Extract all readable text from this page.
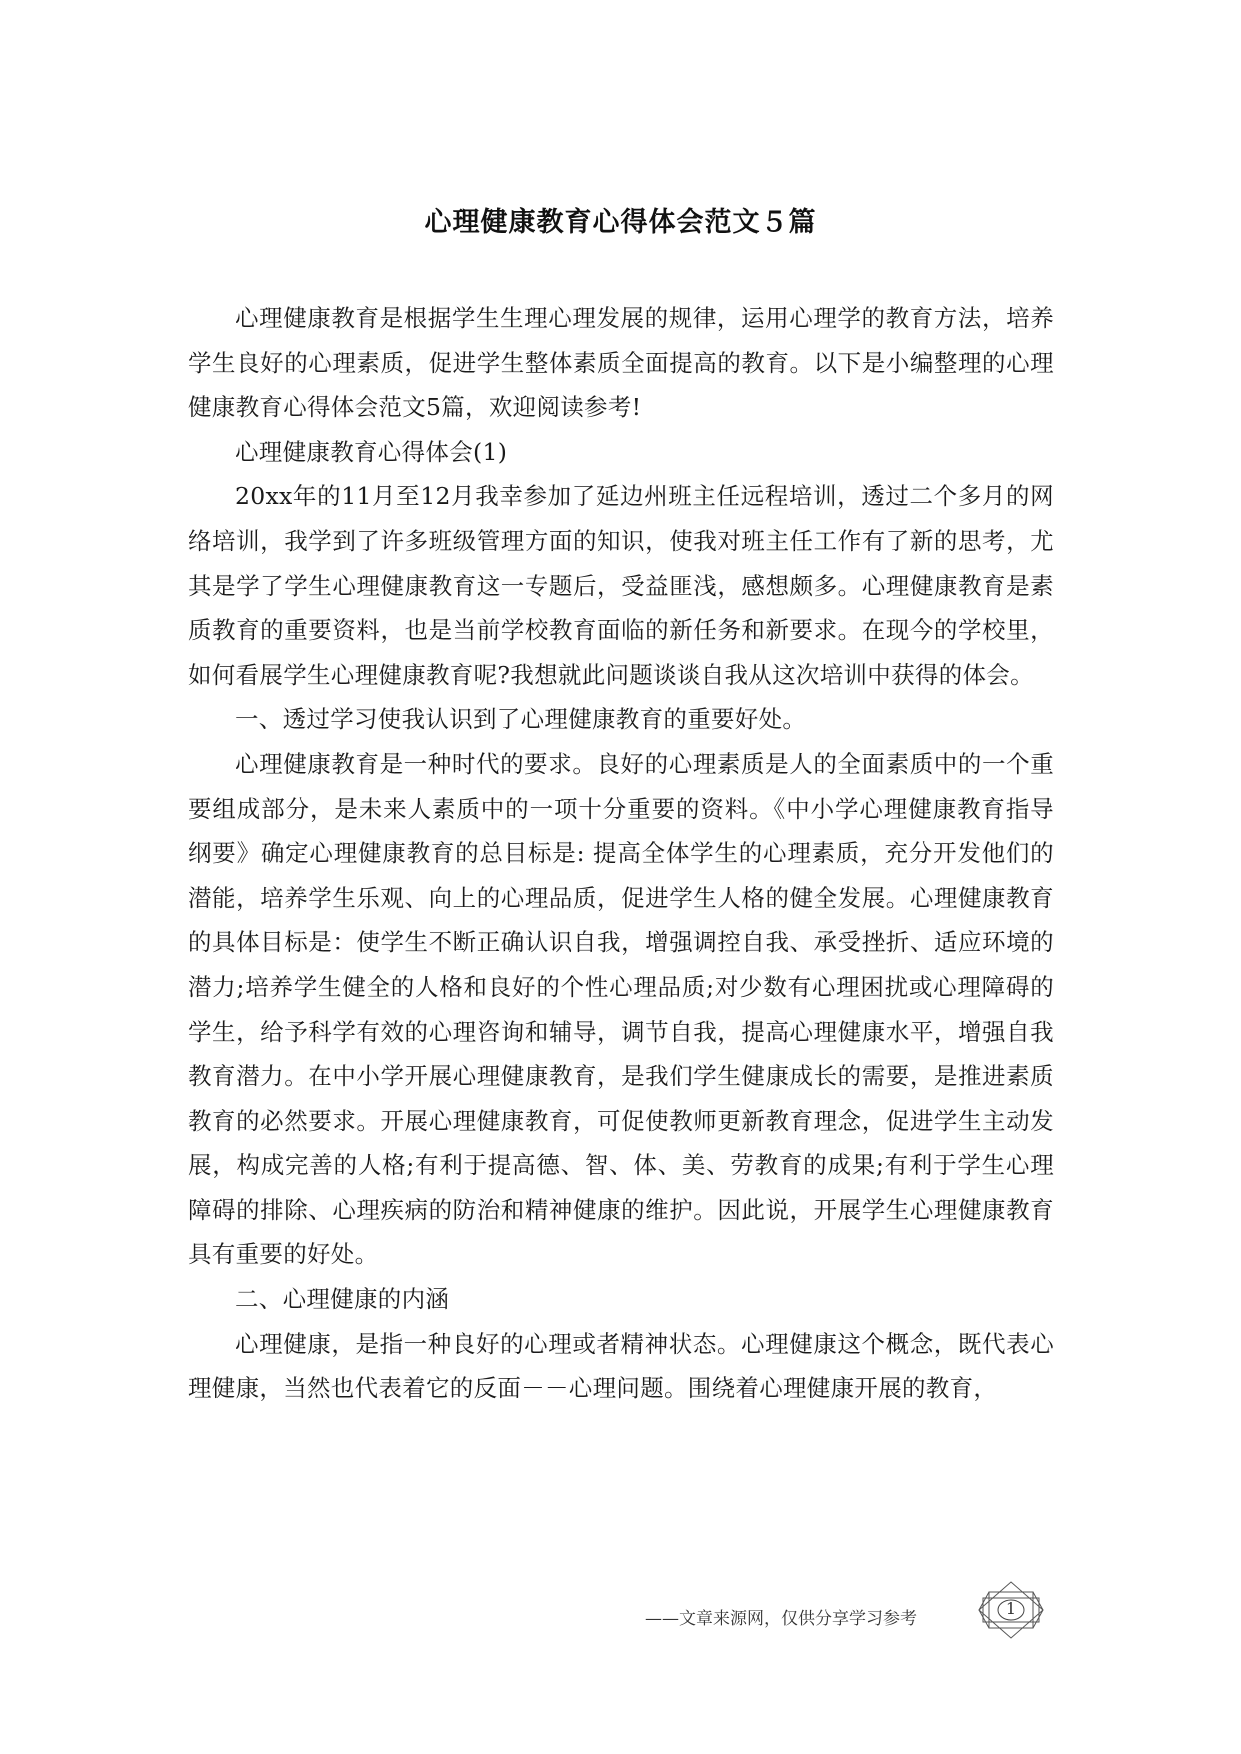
心理健康教育心得体会范文５篇

心理健康教育是根据学生生理心理发展的规律，运用心理学的教育方法，培养学生良好的心理素质，促进学生整体素质全面提高的教育。以下是小编整理的心理健康教育心得体会范文5篇，欢迎阅读参考!

心理健康教育心得体会(1)

20xx年的11月至12月我幸参加了延边州班主任远程培训，透过二个多月的网络培训，我学到了许多班级管理方面的知识，使我对班主任工作有了新的思考，尤其是学了学生心理健康教育这一专题后，受益匪浅，感想颇多。心理健康教育是素质教育的重要资料，也是当前学校教育面临的新任务和新要求。在现今的学校里，如何看展学生心理健康教育呢?我想就此问题谈谈自我从这次培训中获得的体会。

一、透过学习使我认识到了心理健康教育的重要好处。

心理健康教育是一种时代的要求。良好的心理素质是人的全面素质中的一个重要组成部分，是未来人素质中的一项十分重要的资料。《中小学心理健康教育指导纲要》确定心理健康教育的总目标是: 提高全体学生的心理素质，充分开发他们的潜能，培养学生乐观、向上的心理品质，促进学生人格的健全发展。心理健康教育的具体目标是：使学生不断正确认识自我，增强调控自我、承受挫折、适应环境的潜力;培养学生健全的人格和良好的个性心理品质;对少数有心理困扰或心理障碍的学生，给予科学有效的心理咨询和辅导，调节自我，提高心理健康水平，增强自我教育潜力。在中小学开展心理健康教育，是我们学生健康成长的需要，是推进素质教育的必然要求。开展心理健康教育，可促使教师更新教育理念，促进学生主动发展，构成完善的人格;有利于提高德、智、体、美、劳教育的成果;有利于学生心理障碍的排除、心理疾病的防治和精神健康的维护。因此说，开展学生心理健康教育具有重要的好处。

二、心理健康的内涵

心理健康，是指一种良好的心理或者精神状态。心理健康这个概念，既代表心理健康，当然也代表着它的反面－－心理问题。围绕着心理健康开展的教育，

——文章来源网，仅供分享学习参考
1
